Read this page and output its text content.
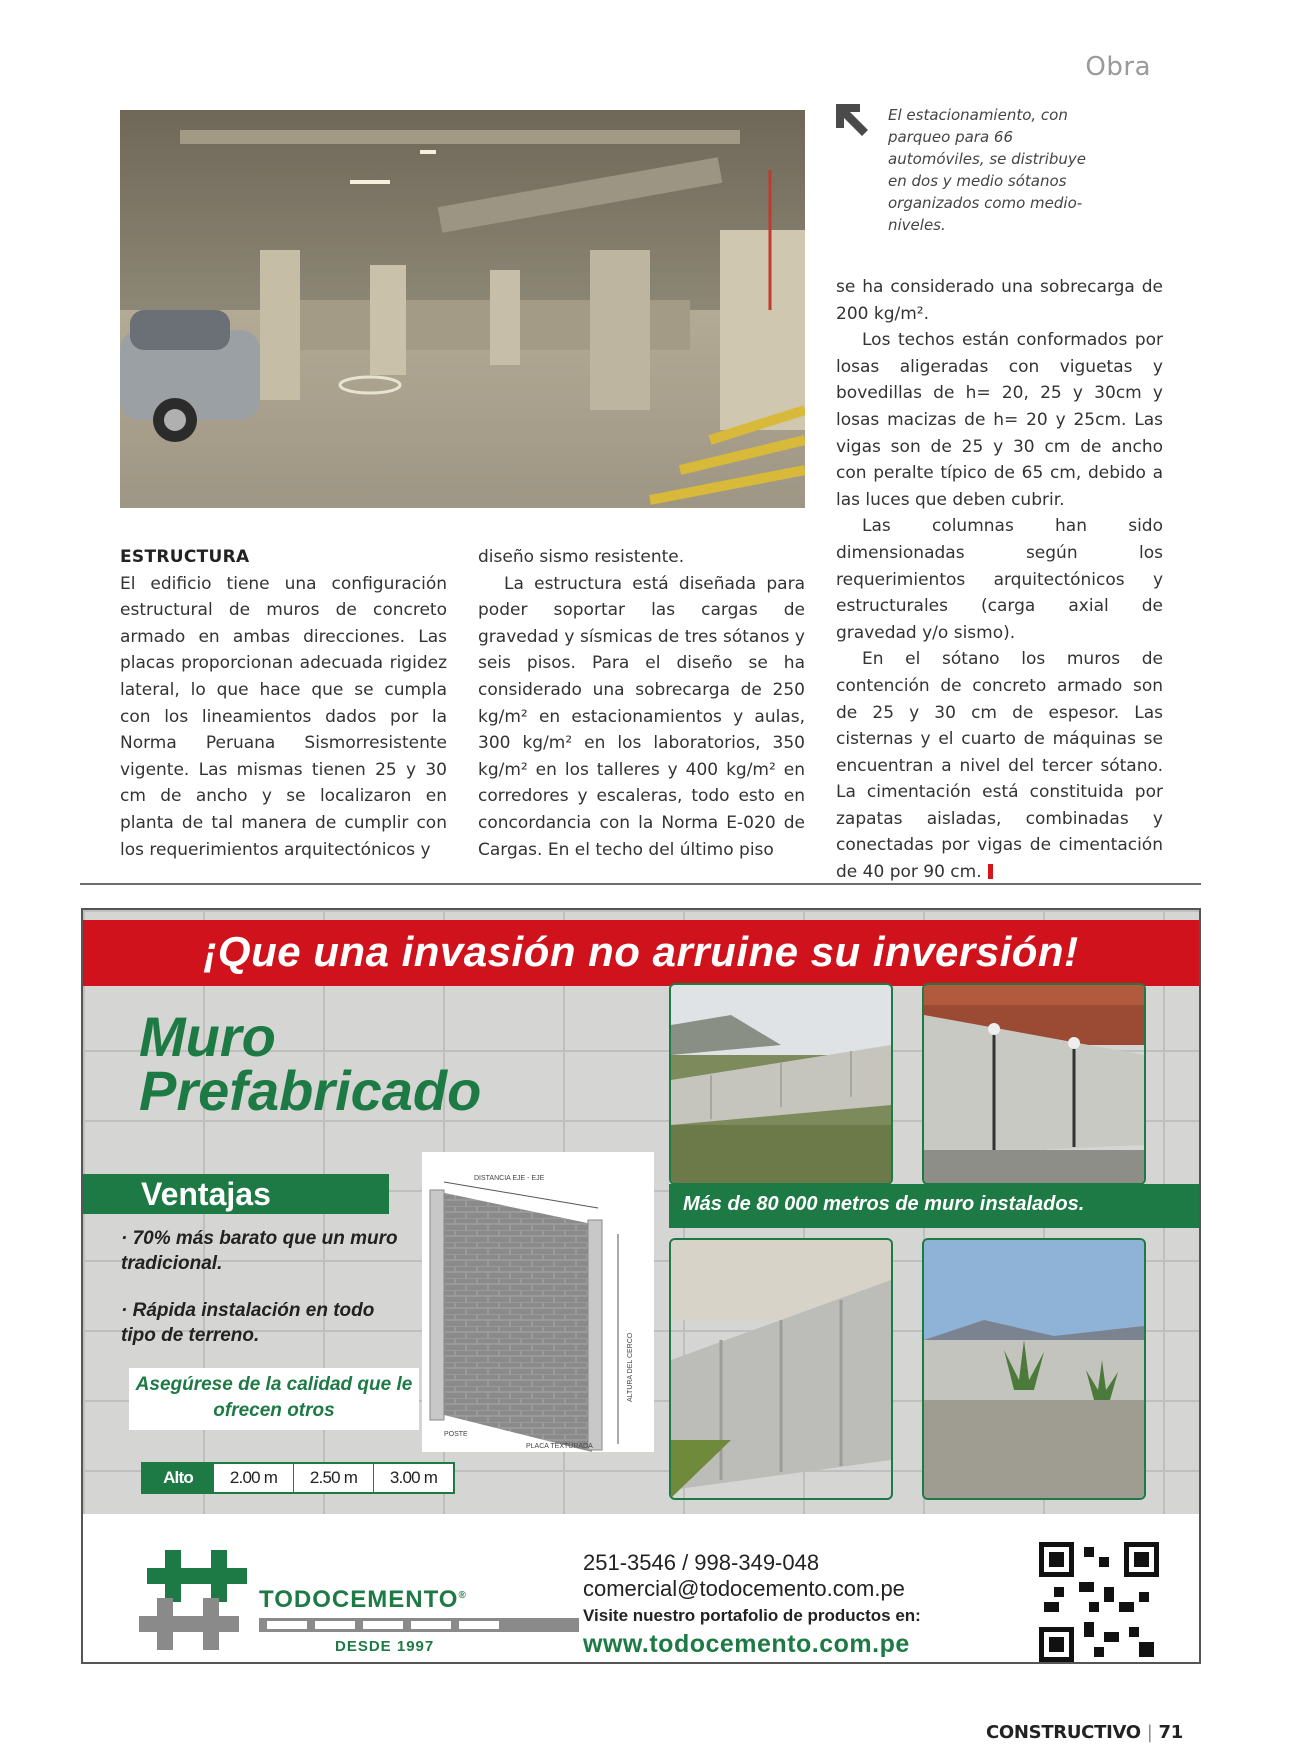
Obra
El estacionamiento, con parqueo para 66 automóviles, se distribuye en dos y medio sótanos organizados como medio-niveles.
ESTRUCTURA

El edificio tiene una configuración estructural de muros de concreto armado en ambas direcciones. Las placas proporcionan adecuada rigidez lateral, lo que hace que se cumpla con los lineamientos dados por la Norma Peruana Sismorresistente vigente. Las mismas tienen 25 y 30 cm de ancho y se localizaron en planta de tal manera de cumplir con los requerimientos arquitectónicos y

diseño sismo resistente.

La estructura está diseñada para poder soportar las cargas de gravedad y sísmicas de tres sótanos y seis pisos. Para el diseño se ha considerado una sobrecarga de 250 kg/m² en estacionamientos y aulas, 300 kg/m² en los laboratorios, 350 kg/m² en los talleres y 400 kg/m² en corredores y escaleras, todo esto en concordancia con la Norma E-020 de Cargas. En el techo del último piso

se ha considerado una sobrecarga de 200 kg/m².

Los techos están conformados por losas aligeradas con viguetas y bovedillas de h= 20, 25 y 30cm y losas macizas de h= 20 y 25cm. Las vigas son de 25 y 30 cm de ancho con peralte típico de 65 cm, debido a las luces que deben cubrir.

Las columnas han sido dimensionadas según los requerimientos arquitectónicos y estructurales (carga axial de gravedad y/o sismo).

En el sótano los muros de contención de concreto armado son de 25 y 30 cm de espesor. Las cisternas y el cuarto de máquinas se encuentran a nivel del tercer sótano. La cimentación está constituida por zapatas aisladas, combinadas y conectadas por vigas de cimentación de 40 por 90 cm.

¡Que una invasión no arruine su inversión!
Muro
Prefabricado
Ventajas
· 70% más barato que un muro tradicional.
· Rápida instalación en todo tipo de terreno.
Asegúrese de la calidad que le ofrecen otros
Alto	2.00 m	2.50 m	3.00 m
DISTANCIA EJE - EJE
ALTURA DEL CERCO
POSTE
PLACA TEXTURADA
Más de 80 000 metros de muro instalados.
TODOCEMENTO®
DESDE 1997
251-3546 / 998-349-048
comercial@todocemento.com.pe
Visite nuestro portafolio de productos en:
www.todocemento.com.pe
CONSTRUCTIVO | 71
